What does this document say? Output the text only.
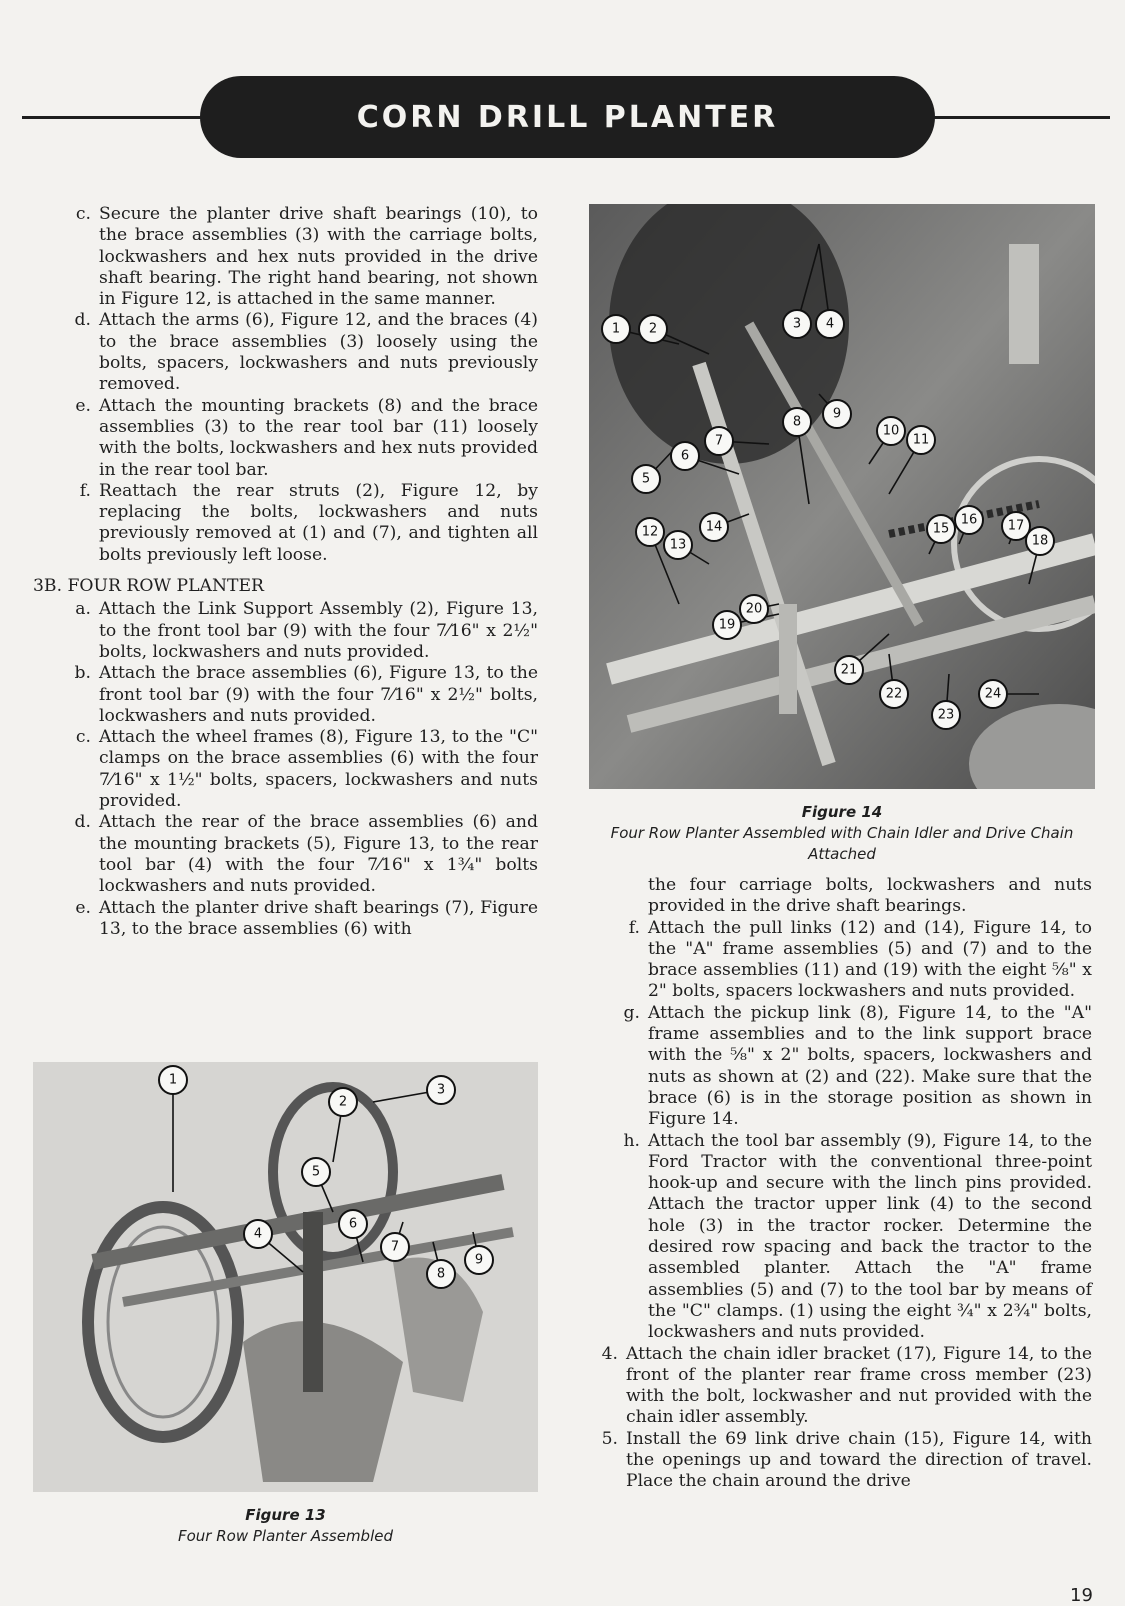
CORN DRILL PLANTER
c. Secure the planter drive shaft bearings (10), to the brace assemblies (3) with the carriage bolts, lockwashers and hex nuts provided in the drive shaft bearing. The right hand bearing, not shown in Figure 12, is attached in the same manner.
d. Attach the arms (6), Figure 12, and the braces (4) to the brace assemblies (3) loosely using the bolts, spacers, lockwashers and nuts previously removed.
e. Attach the mounting brackets (8) and the brace assemblies (3) to the rear tool bar (11) loosely with the bolts, lockwashers and hex nuts provided in the rear tool bar.
f. Reattach the rear struts (2), Figure 12, by replacing the bolts, lockwashers and nuts previously removed at (1) and (7), and tighten all bolts previously left loose.
3B. FOUR ROW PLANTER
a. Attach the Link Support Assembly (2), Figure 13, to the front tool bar (9) with the four 7⁄16" x 2½" bolts, lockwashers and nuts provided.
b. Attach the brace assemblies (6), Figure 13, to the front tool bar (9) with the four 7⁄16" x 2½" bolts, lockwashers and nuts provided.
c. Attach the wheel frames (8), Figure 13, to the "C" clamps on the brace assemblies (6) with the four 7⁄16" x 1½" bolts, spacers, lockwashers and nuts provided.
d. Attach the rear of the brace assemblies (6) and the mounting brackets (5), Figure 13, to the rear tool bar (4) with the four 7⁄16" x 1¾" bolts lockwashers and nuts provided.
e. Attach the planter drive shaft bearings (7), Figure 13, to the brace assemblies (6) with
1 2	3 4
5
6
7
8
9
10
11
12
13
14	15
16 17
18
19
20
21
22
23
24
Figure 14
Four Row Planter Assembled with Chain Idler and Drive Chain Attached
1
2
3
4
5
6
7
8
9
Figure 13
Four Row Planter Assembled
the four carriage bolts, lockwashers and nuts provided in the drive shaft bearings.
f. Attach the pull links (12) and (14), Figure 14, to the "A" frame assemblies (5) and (7) and to the brace assemblies (11) and (19) with the eight ⅝" x 2" bolts, spacers lockwashers and nuts provided.
g. Attach the pickup link (8), Figure 14, to the "A" frame assemblies and to the link support brace with the ⅝" x 2" bolts, spacers, lockwashers and nuts as shown at (2) and (22). Make sure that the brace (6) is in the storage position as shown in Figure 14.
h. Attach the tool bar assembly (9), Figure 14, to the Ford Tractor with the conventional three-point hook-up and secure with the linch pins provided. Attach the tractor upper link (4) to the second hole (3) in the tractor rocker. Determine the desired row spacing and back the tractor to the assembled planter. Attach the "A" frame assemblies (5) and (7) to the tool bar by means of the "C" clamps. (1) using the eight ¾" x 2¾" bolts, lockwashers and nuts provided.
4. Attach the chain idler bracket (17), Figure 14, to the front of the planter rear frame cross member (23) with the bolt, lockwasher and nut provided with the chain idler assembly.
5. Install the 69 link drive chain (15), Figure 14, with the openings up and toward the direction of travel. Place the chain around the drive
19
